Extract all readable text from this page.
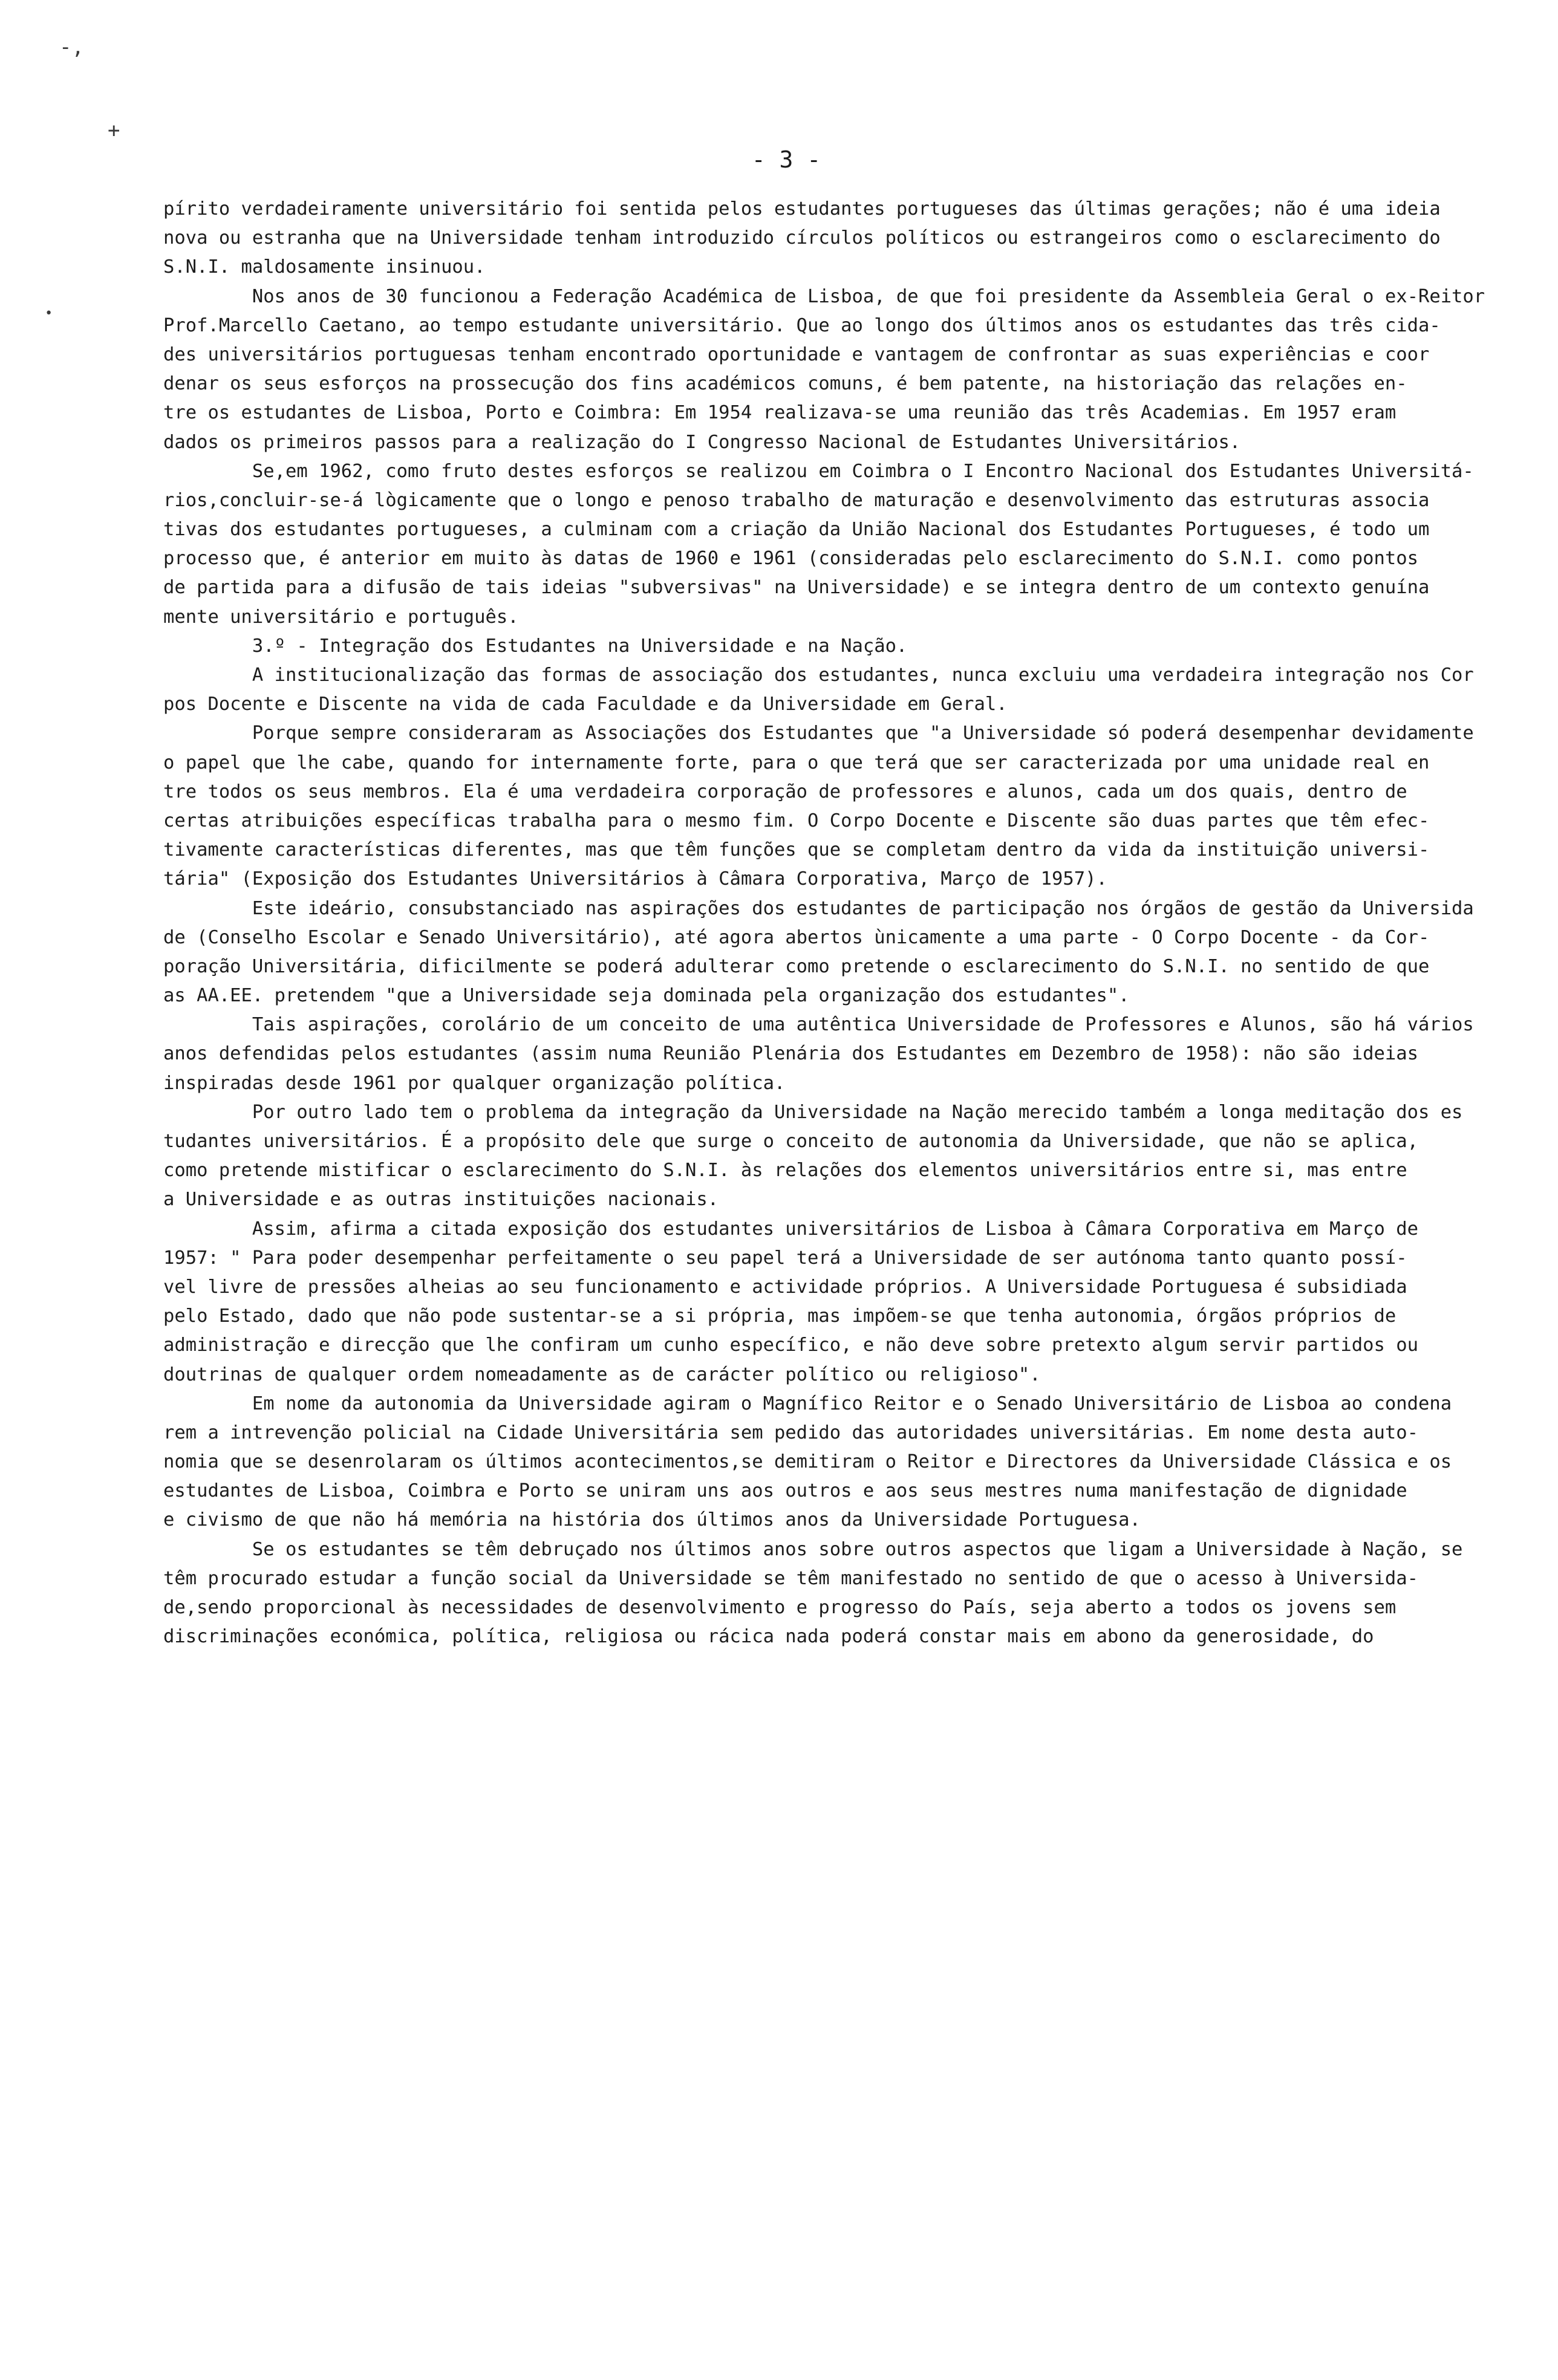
-,
+
•
- 3 -
pírito verdadeiramente universitário foi sentida pelos estudantes portugueses das últimas gerações; não é uma ideia
nova ou estranha que na Universidade tenham introduzido círculos políticos ou estrangeiros como o esclarecimento do
S.N.I. maldosamente insinuou.
Nos anos de 30 funcionou a Federação Académica de Lisboa, de que foi presidente da Assembleia Geral o ex-Reitor
Prof.Marcello Caetano, ao tempo estudante universitário. Que ao longo dos últimos anos os estudantes das três cida-
des universitários portuguesas tenham encontrado oportunidade e vantagem de confrontar as suas experiências e coor
denar os seus esforços na prossecução dos fins académicos comuns, é bem patente, na historiação das relações en-
tre os estudantes de Lisboa, Porto e Coimbra: Em 1954 realizava-se uma reunião das três Academias. Em 1957 eram
dados os primeiros passos para a realização do I Congresso Nacional de Estudantes Universitários.
Se,em 1962, como fruto destes esforços se realizou em Coimbra o I Encontro Nacional dos Estudantes Universitá-
rios,concluir-se-á lògicamente que o longo e penoso trabalho de maturação e desenvolvimento das estruturas associa
tivas dos estudantes portugueses, a culminam com a criação da União Nacional dos Estudantes Portugueses, é todo um
processo que, é anterior em muito às datas de 1960 e 1961 (consideradas pelo esclarecimento do S.N.I. como pontos
de partida para a difusão de tais ideias "subversivas" na Universidade) e se integra dentro de um contexto genuína
mente universitário e português.
3.º - Integração dos Estudantes na Universidade e na Nação.
A institucionalização das formas de associação dos estudantes, nunca excluiu uma verdadeira integração nos Cor
pos Docente e Discente na vida de cada Faculdade e da Universidade em Geral.
Porque sempre consideraram as Associações dos Estudantes que "a Universidade só poderá desempenhar devidamente
o papel que lhe cabe, quando for internamente forte, para o que terá que ser caracterizada por uma unidade real en
tre todos os seus membros. Ela é uma verdadeira corporação de professores e alunos, cada um dos quais, dentro de
certas atribuições específicas trabalha para o mesmo fim. O Corpo Docente e Discente são duas partes que têm efec-
tivamente características diferentes, mas que têm funções que se completam dentro da vida da instituição universi-
tária" (Exposição dos Estudantes Universitários à Câmara Corporativa, Março de 1957).
Este ideário, consubstanciado nas aspirações dos estudantes de participação nos órgãos de gestão da Universida
de (Conselho Escolar e Senado Universitário), até agora abertos ùnicamente a uma parte - O Corpo Docente - da Cor-
poração Universitária, dificilmente se poderá adulterar como pretende o esclarecimento do S.N.I. no sentido de que
as AA.EE. pretendem "que a Universidade seja dominada pela organização dos estudantes".
Tais aspirações, corolário de um conceito de uma autêntica Universidade de Professores e Alunos, são há vários
anos defendidas pelos estudantes (assim numa Reunião Plenária dos Estudantes em Dezembro de 1958): não são ideias
inspiradas desde 1961 por qualquer organização política.
Por outro lado tem o problema da integração da Universidade na Nação merecido também a longa meditação dos es
tudantes universitários. É a propósito dele que surge o conceito de autonomia da Universidade, que não se aplica,
como pretende mistificar o esclarecimento do S.N.I. às relações dos elementos universitários entre si, mas entre
a Universidade e as outras instituições nacionais.
Assim, afirma a citada exposição dos estudantes universitários de Lisboa à Câmara Corporativa em Março de
1957: " Para poder desempenhar perfeitamente o seu papel terá a Universidade de ser autónoma tanto quanto possí-
vel livre de pressões alheias ao seu funcionamento e actividade próprios. A Universidade Portuguesa é subsidiada
pelo Estado, dado que não pode sustentar-se a si própria, mas impõem-se que tenha autonomia, órgãos próprios de
administração e direcção que lhe confiram um cunho específico, e não deve sobre pretexto algum servir partidos ou
doutrinas de qualquer ordem nomeadamente as de carácter político ou religioso".
Em nome da autonomia da Universidade agiram o Magnífico Reitor e o Senado Universitário de Lisboa ao condena
rem a intrevenção policial na Cidade Universitária sem pedido das autoridades universitárias. Em nome desta auto-
nomia que se desenrolaram os últimos acontecimentos,se demitiram o Reitor e Directores da Universidade Clássica e os
estudantes de Lisboa, Coimbra e Porto se uniram uns aos outros e aos seus mestres numa manifestação de dignidade
e civismo de que não há memória na história dos últimos anos da Universidade Portuguesa.
Se os estudantes se têm debruçado nos últimos anos sobre outros aspectos que ligam a Universidade à Nação, se
têm procurado estudar a função social da Universidade se têm manifestado no sentido de que o acesso à Universida-
de,sendo proporcional às necessidades de desenvolvimento e progresso do País, seja aberto a todos os jovens sem
discriminações económica, política, religiosa ou rácica nada poderá constar mais em abono da generosidade, do
